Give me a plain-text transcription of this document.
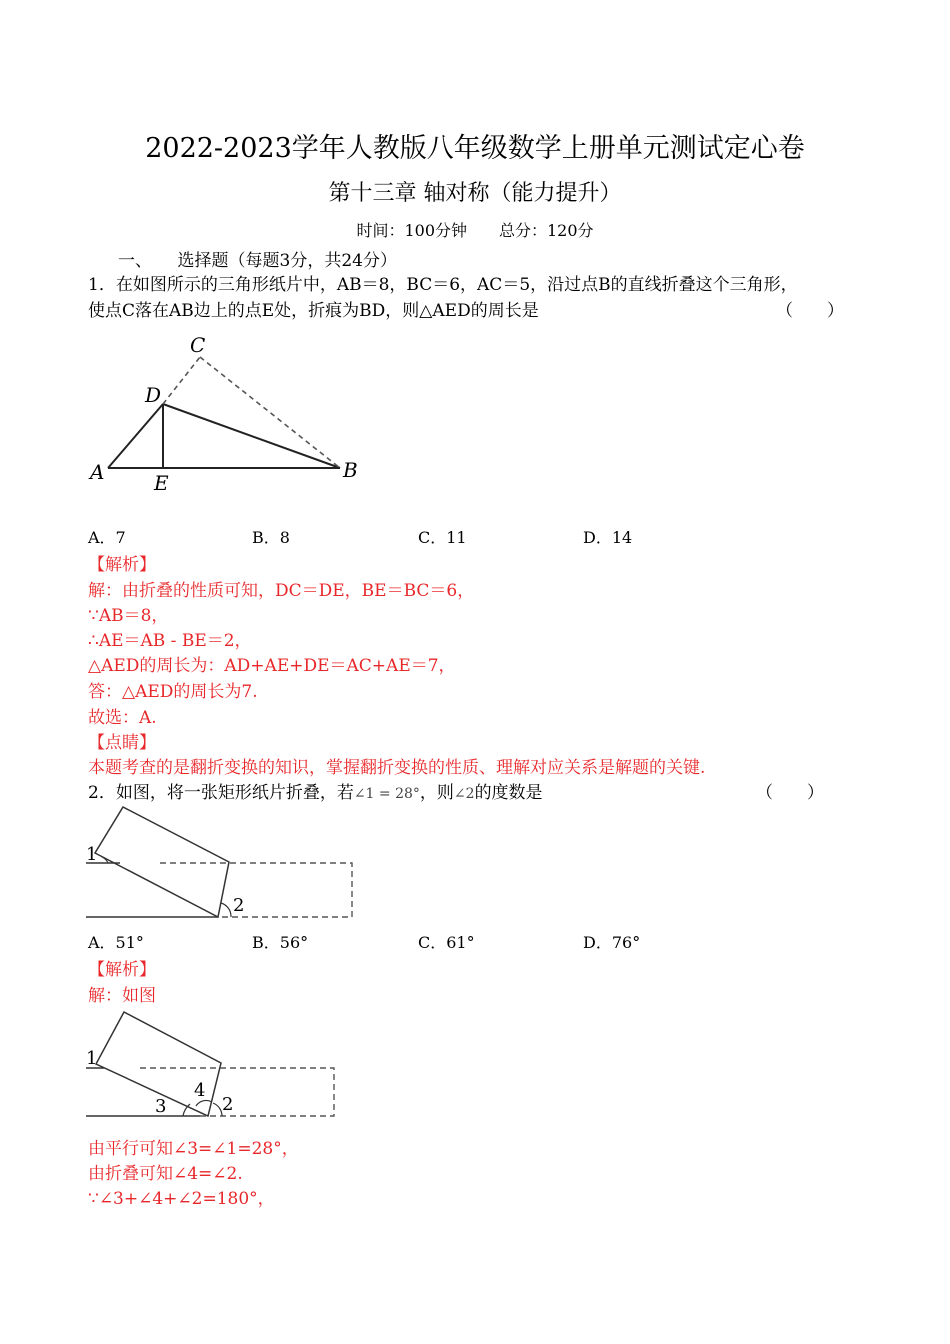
2022-2023学年人教版八年级数学上册单元测试定心卷
第十三章 轴对称（能力提升）
时间：100分钟　　总分：120分
一、　　选择题（每题3分，共24分）
1．在如图所示的三角形纸片中，AB＝8，BC＝6，AC＝5，沿过点B的直线折叠这个三角形，
使点C落在AB边上的点E处，折痕为BD，则△AED的周长是	（　　）
C
D
A E
B
A．7	B．8	C．11	D．14
【解析】
解：由折叠的性质可知，DC＝DE，BE＝BC＝6，
∵AB＝8，
∴AE＝AB - BE＝2，
△AED的周长为：AD+AE+DE＝AC+AE＝7，
答：△AED的周长为7.
故选：A.
【点睛】
本题考查的是翻折变换的知识，掌握翻折变换的性质、理解对应关系是解题的关键.
2．如图，将一张矩形纸片折叠，若∠1 = 28°，则∠2的度数是	（　　）
1
2
A．51°	B．56°	C．61°	D．76°
【解析】
解：如图
1
3
4
2
由平行可知∠3=∠1=28°，
由折叠可知∠4=∠2.
∵∠3+∠4+∠2=180°，
